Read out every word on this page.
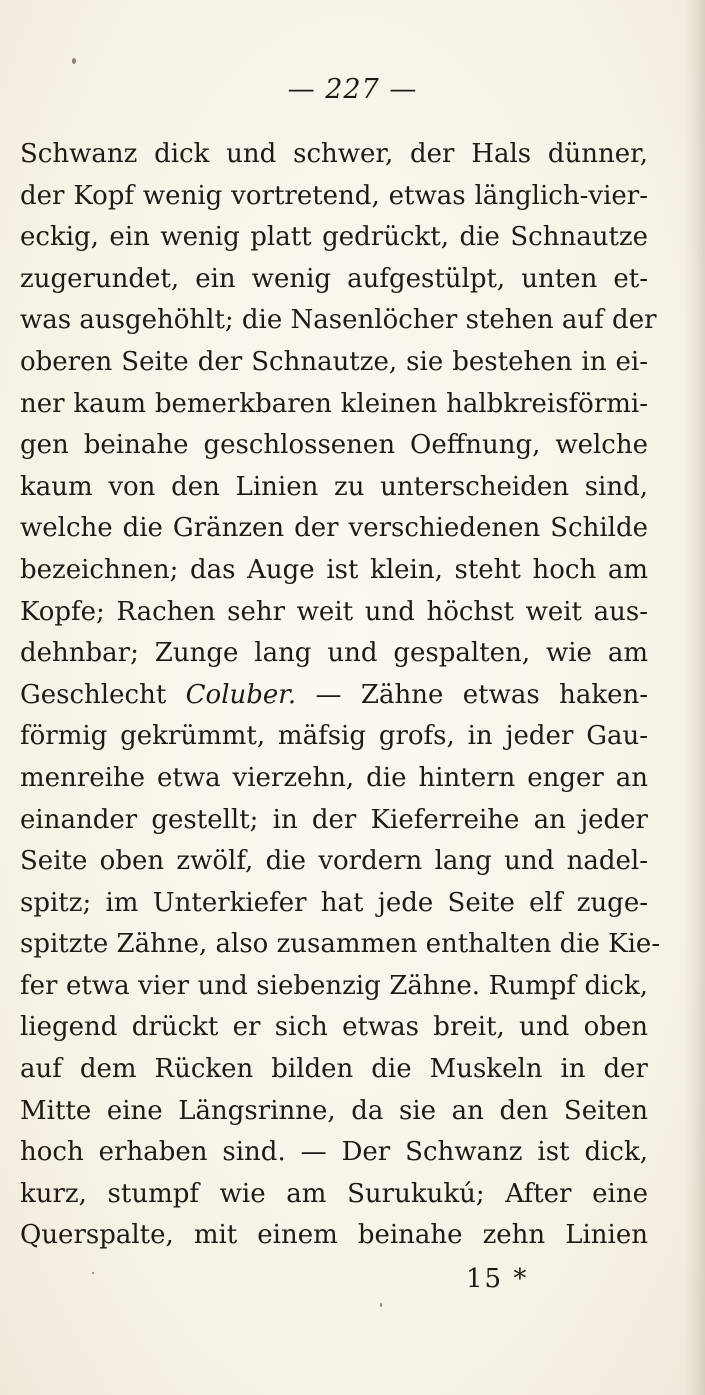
— 227 —
Schwanz dick und schwer, der Hals dünner,
der Kopf wenig vortretend, etwas länglich-vier-
eckig, ein wenig platt gedrückt, die Schnautze
zugerundet, ein wenig aufgestülpt, unten et-
was ausgehöhlt; die Nasenlöcher stehen auf der
oberen Seite der Schnautze, sie bestehen in ei-
ner kaum bemerkbaren kleinen halbkreisförmi-
gen beinahe geschlossenen Oeffnung, welche
kaum von den Linien zu unterscheiden sind,
welche die Gränzen der verschiedenen Schilde
bezeichnen; das Auge ist klein, steht hoch am
Kopfe; Rachen sehr weit und höchst weit aus-
dehnbar; Zunge lang und gespalten, wie am
Geschlecht Coluber. — Zähne etwas haken-
förmig gekrümmt, mäfsig grofs, in jeder Gau-
menreihe etwa vierzehn, die hintern enger an
einander gestellt; in der Kieferreihe an jeder
Seite oben zwölf, die vordern lang und nadel-
spitz; im Unterkiefer hat jede Seite elf zuge-
spitzte Zähne, also zusammen enthalten die Kie-
fer etwa vier und siebenzig Zähne. Rumpf dick,
liegend drückt er sich etwas breit, und oben
auf dem Rücken bilden die Muskeln in der
Mitte eine Längsrinne, da sie an den Seiten
hoch erhaben sind. — Der Schwanz ist dick,
kurz, stumpf wie am Surukukú; After eine
Querspalte, mit einem beinahe zehn Linien
15 *
